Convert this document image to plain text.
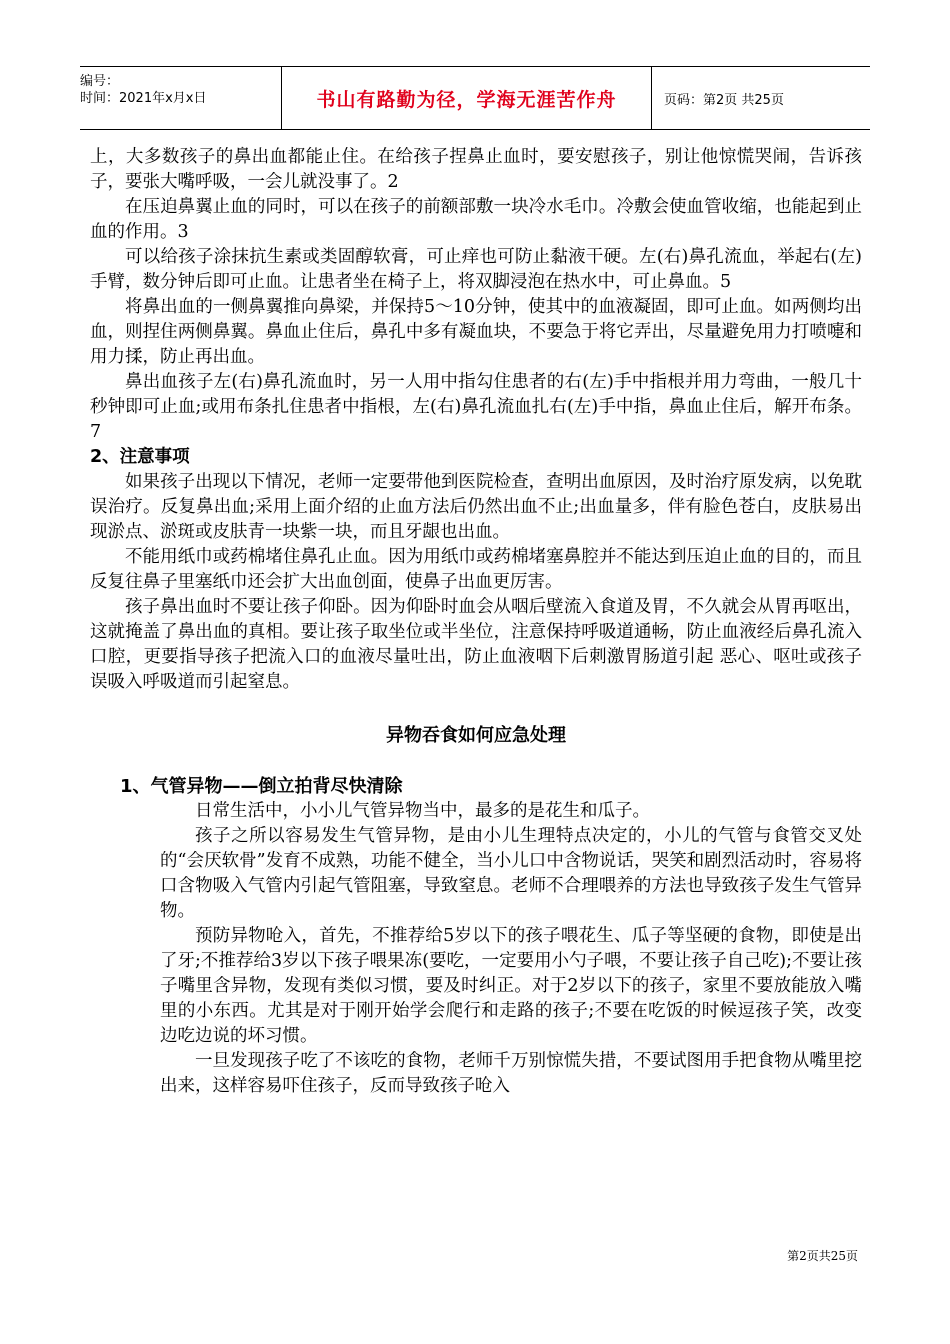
编号：
时间：2021年x月x日	书山有路勤为径，学海无涯苦作舟	页码：第2页 共25页

上，大多数孩子的鼻出血都能止住。在给孩子捏鼻止血时，要安慰孩子，别让他惊慌哭闹，告诉孩子，要张大嘴呼吸，一会儿就没事了。2

在压迫鼻翼止血的同时，可以在孩子的前额部敷一块冷水毛巾。冷敷会使血管收缩，也能起到止血的作用。3

可以给孩子涂抹抗生素或类固醇软膏，可止痒也可防止黏液干硬。左(右)鼻孔流血，举起右(左)手臂，数分钟后即可止血。让患者坐在椅子上，将双脚浸泡在热水中，可止鼻血。5

将鼻出血的一侧鼻翼推向鼻梁，并保持5～10分钟，使其中的血液凝固，即可止血。如两侧均出血，则捏住两侧鼻翼。鼻血止住后，鼻孔中多有凝血块，不要急于将它弄出，尽量避免用力打喷嚏和用力揉，防止再出血。

鼻出血孩子左(右)鼻孔流血时，另一人用中指勾住患者的右(左)手中指根并用力弯曲，一般几十秒钟即可止血;或用布条扎住患者中指根，左(右)鼻孔流血扎右(左)手中指，鼻血止住后，解开布条。7

2、注意事项

如果孩子出现以下情况，老师一定要带他到医院检查，查明出血原因，及时治疗原发病，以免耽误治疗。反复鼻出血;采用上面介绍的止血方法后仍然出血不止;出血量多，伴有脸色苍白，皮肤易出现淤点、淤斑或皮肤青一块紫一块，而且牙龈也出血。

不能用纸巾或药棉堵住鼻孔止血。因为用纸巾或药棉堵塞鼻腔并不能达到压迫止血的目的，而且反复往鼻子里塞纸巾还会扩大出血创面，使鼻子出血更厉害。

孩子鼻出血时不要让孩子仰卧。因为仰卧时血会从咽后壁流入食道及胃，不久就会从胃再呕出，这就掩盖了鼻出血的真相。要让孩子取坐位或半坐位，注意保持呼吸道通畅，防止血液经后鼻孔流入口腔，更要指导孩子把流入口的血液尽量吐出，防止血液咽下后刺激胃肠道引起 恶心、呕吐或孩子误吸入呼吸道而引起窒息。

异物吞食如何应急处理
1、气管异物——倒立拍背尽快清除

日常生活中，小小儿气管异物当中，最多的是花生和瓜子。

孩子之所以容易发生气管异物，是由小儿生理特点决定的，小儿的气管与食管交叉处的“会厌软骨”发育不成熟，功能不健全，当小儿口中含物说话，哭笑和剧烈活动时，容易将口含物吸入气管内引起气管阻塞，导致窒息。老师不合理喂养的方法也导致孩子发生气管异物。

预防异物呛入，首先，不推荐给5岁以下的孩子喂花生、瓜子等坚硬的食物，即使是出了牙;不推荐给3岁以下孩子喂果冻(要吃，一定要用小勺子喂，不要让孩子自己吃);不要让孩子嘴里含异物，发现有类似习惯，要及时纠正。对于2岁以下的孩子，家里不要放能放入嘴里的小东西。尤其是对于刚开始学会爬行和走路的孩子;不要在吃饭的时候逗孩子笑，改变边吃边说的坏习惯。

一旦发现孩子吃了不该吃的食物，老师千万别惊慌失措，不要试图用手把食物从嘴里挖出来，这样容易吓住孩子，反而导致孩子呛入

第2页共25页
